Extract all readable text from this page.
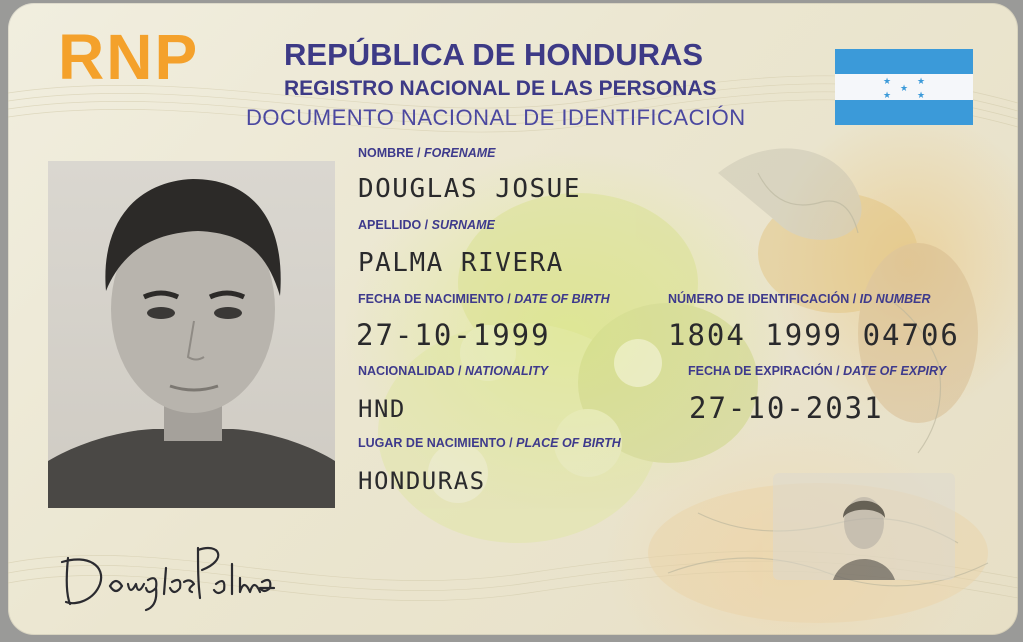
RNP	REPÚBLICA DE HONDURAS
REGISTRO NACIONAL DE LAS PERSONAS
DOCUMENTO NACIONAL DE IDENTIFICACIÓN
★	★
★
★	★
NOMBRE / FORENAME
DOUGLAS JOSUE
APELLIDO / SURNAME
PALMA RIVERA
FECHA DE NACIMIENTO / DATE OF BIRTH
27-10-1999
NÚMERO DE IDENTIFICACIÓN / ID NUMBER
1804 1999 04706
NACIONALIDAD / NATIONALITY
HND
FECHA DE EXPIRACIÓN / DATE OF EXPIRY
27-10-2031
LUGAR DE NACIMIENTO / PLACE OF BIRTH
HONDURAS
